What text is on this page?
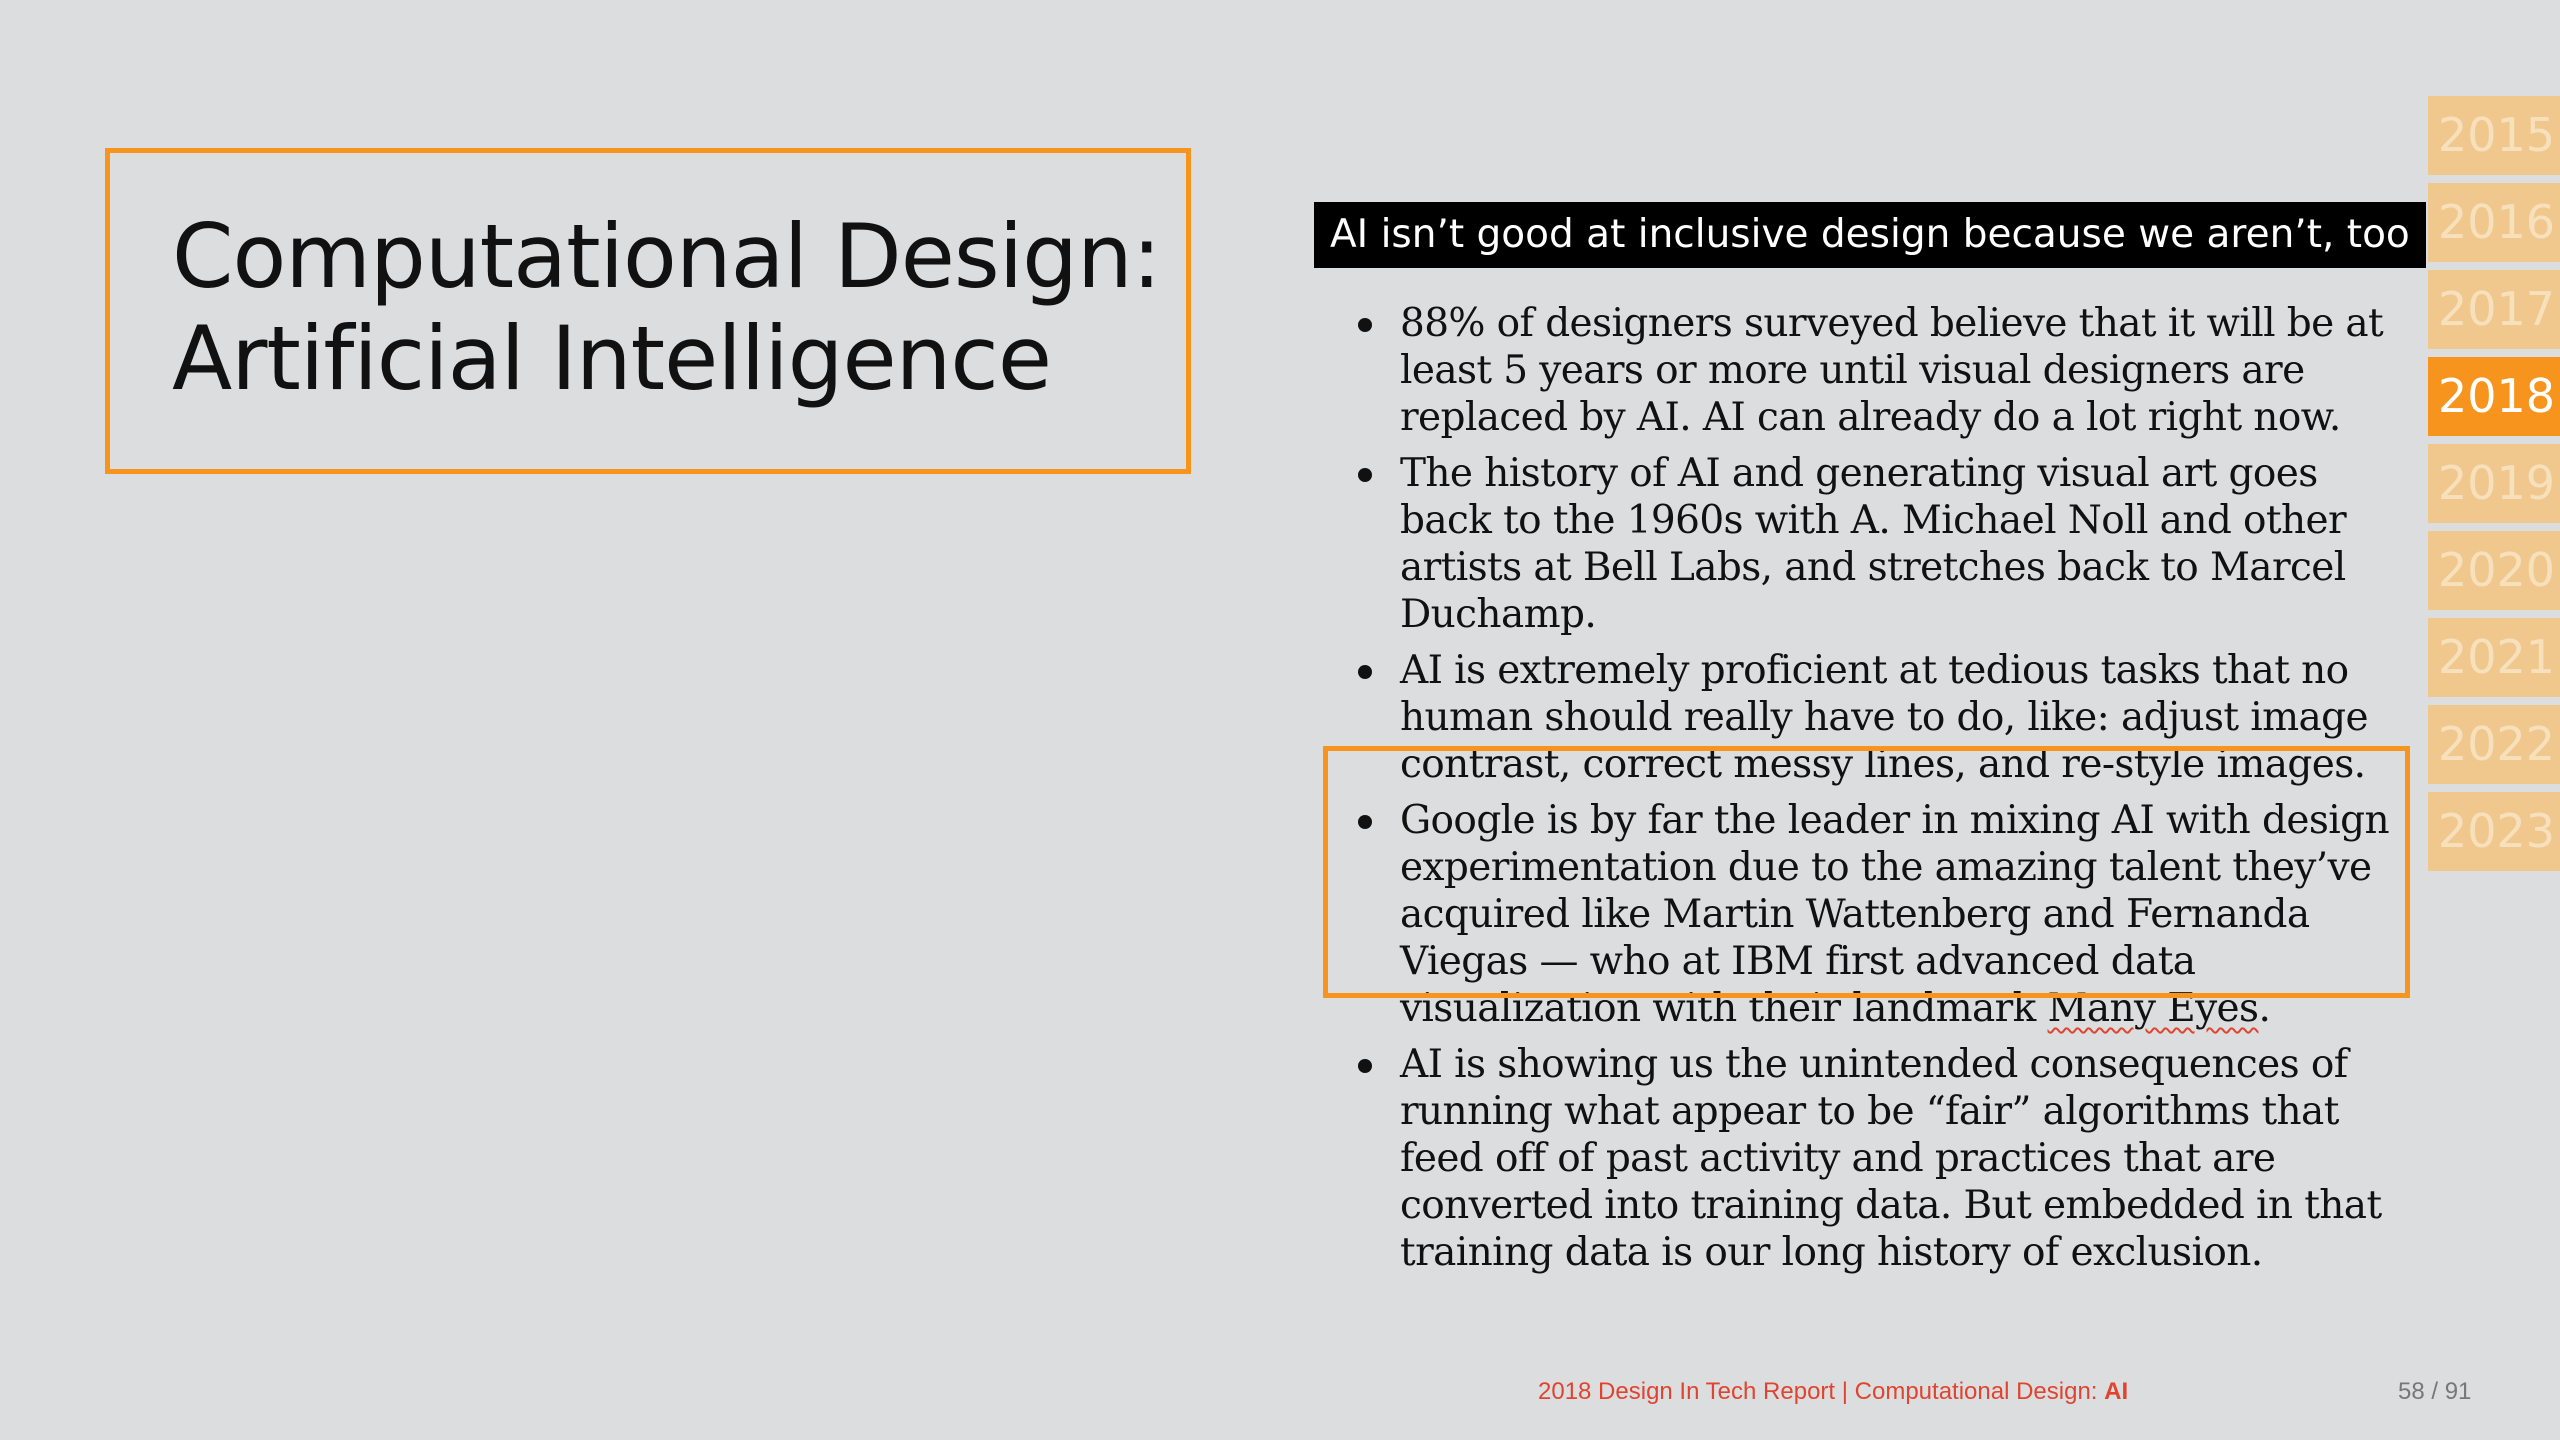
Computational Design:
Artificial Intelligence
AI isn’t good at inclusive design because we aren’t, too
88% of designers surveyed believe that it will be at least 5 years or more until visual designers are replaced by AI. AI can already do a lot right now.
The history of AI and generating visual art goes back to the 1960s with A. Michael Noll and other artists at Bell Labs, and stretches back to Marcel Duchamp.
AI is extremely proficient at tedious tasks that no human should really have to do, like: adjust image contrast, correct messy lines, and re-style images.
Google is by far the leader in mixing AI with design experimentation due to the amazing talent they’ve acquired like Martin Wattenberg and Fernanda Viegas — who at IBM first advanced data visualization with their landmark Many Eyes.
AI is showing us the unintended consequences of running what appear to be “fair” algorithms that feed off of past activity and practices that are converted into training data. But embedded in that training data is our long history of exclusion.
2015
2016
2017
2018
2019
2020
2021
2022
2023
2018 Design In Tech Report | Computational Design: AI	58 / 91
